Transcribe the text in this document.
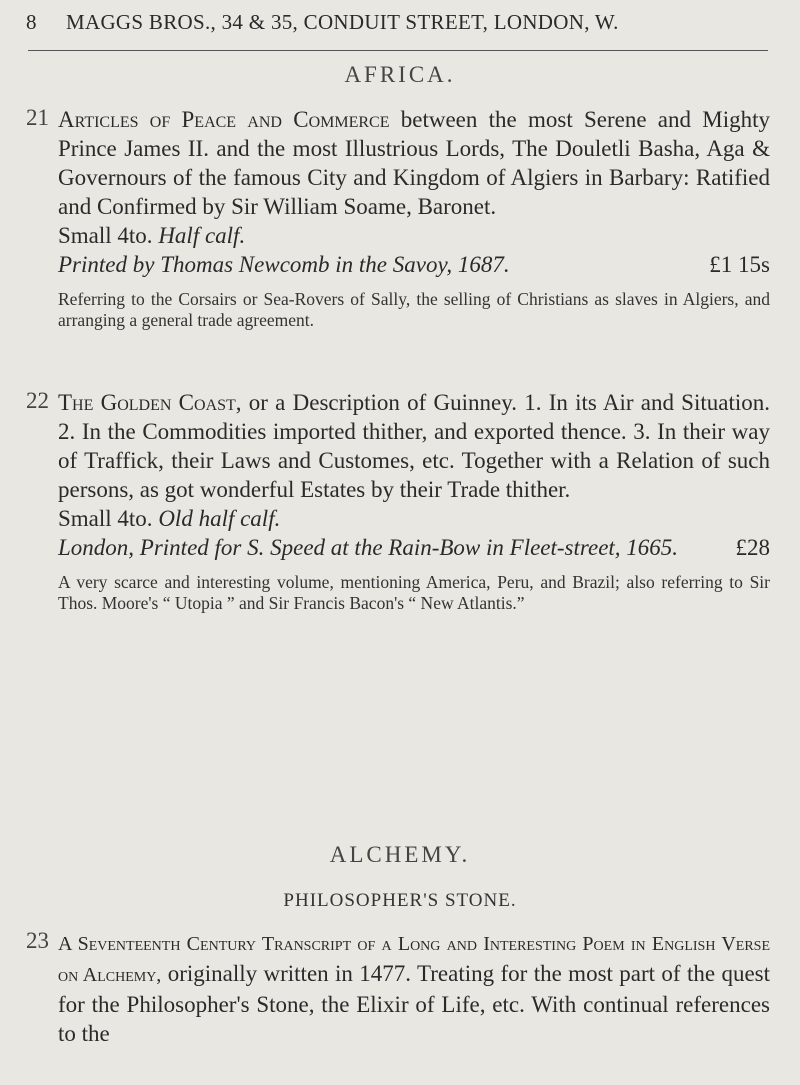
8 MAGGS BROS., 34 & 35, CONDUIT STREET, LONDON, W.
AFRICA.
21 Articles of Peace and Commerce between the most Serene and Mighty Prince James II. and the most Illustrious Lords, The Douletli Basha, Aga & Governours of the famous City and Kingdom of Algiers in Barbary: Ratified and Confirmed by Sir William Soame, Baronet.

Small 4to. Half calf.

Printed by Thomas Newcomb in the Savoy, 1687.	£1 15s

Referring to the Corsairs or Sea-Rovers of Sally, the selling of Christians as slaves in Algiers, and arranging a general trade agreement.

22 The Golden Coast, or a Description of Guinney. 1. In its Air and Situation. 2. In the Commodities imported thither, and exported thence. 3. In their way of Traffick, their Laws and Customes, etc. Together with a Relation of such persons, as got wonderful Estates by their Trade thither.

Small 4to. Old half calf.

London, Printed for S. Speed at the Rain-Bow in Fleet-street, 1665. £28

A very scarce and interesting volume, mentioning America, Peru, and Brazil; also referring to Sir Thos. Moore's “ Utopia ” and Sir Francis Bacon's “ New Atlantis.”

ALCHEMY.
PHILOSOPHER'S STONE.
23 A Seventeenth Century Transcript of a Long and Interesting Poem in English Verse on Alchemy, originally written in 1477. Treating for the most part of the quest for the Philosopher's Stone, the Elixir of Life, etc. With continual references to the
